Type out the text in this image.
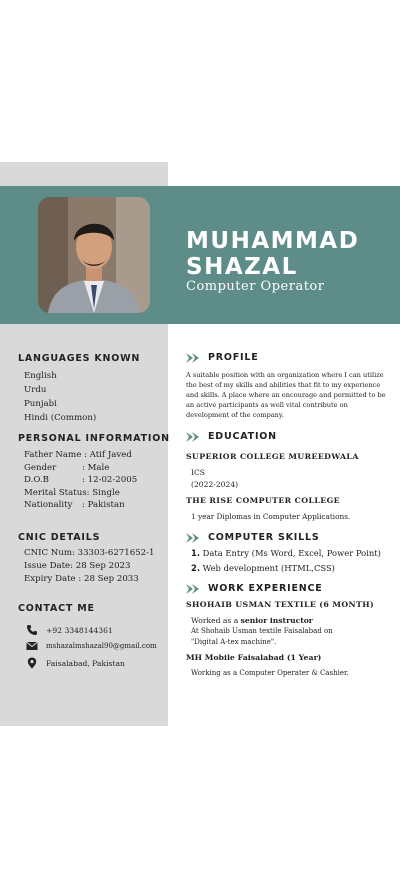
MUHAMMAD
SHAZAL
Computer Operator
LANGUAGES KNOWN
English
Urdu
Punjabi
Hindi (Common)
PERSONAL INFORMATION
Father Name : Atif Javed
Gender	: Male
D.O.B	: 12-02-2005
Merital Status: Single
Nationality : Pakistan
CNIC DETAILS
CNIC Num: 33303-6271652-1
Issue Date: 28 Sep 2023
Expiry Date : 28 Sep 2033
CONTACT ME
+92 3348144361
mshazalmshazal90@gmail.com
Faisalabad, Pakistan
PROFILE
A suitable position with an organization where I can utilize the best of my skills and abilities that fit to my experience and skills. A place where an encourage and permitted to be an active participants as well vital contribute on development of the company.
EDUCATION
SUPERIOR COLLEGE MUREEDWALA
ICS
(2022-2024)
THE RISE COMPUTER COLLEGE
1 year Diplomas in Computer Applications.
COMPUTER SKILLS
1. Data Entry (Ms Word, Excel, Power Point)
2. Web development (HTML,CSS)
WORK EXPERIENCE
SHOHAIB USMAN TEXTILE (6 MONTH)
Worked as a senior instructor
At Shohaib Usman textile Faisalabad on
"Digital A-tex machine".
MH Mobile Faisalabad (1 Year)
Working as a Computer Operater & Cashier.
